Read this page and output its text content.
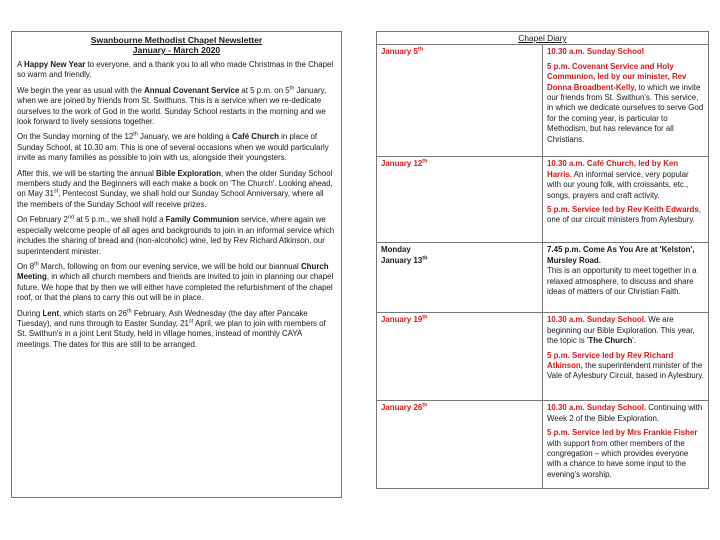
Swanbourne Methodist Chapel Newsletter
January - March 2020

A Happy New Year to everyone, and a thank you to all who made Christmas in the Chapel so warm and friendly.

We begin the year as usual with the Annual Covenant Service at 5 p.m. on 5th January, when we are joined by friends from St. Swithuns. This is a service when we re-dedicate ourselves to the work of God in the world. Sunday School restarts in the morning and we look forward to lively sessions together.

On the Sunday morning of the 12th January, we are holding a Café Church in place of Sunday School, at 10.30 am. This is one of several occasions when we would particularly invite as many families as possible to join with us, alongside their youngsters.

After this, we will be starting the annual Bible Exploration, when the older Sunday School members study and the Beginners will each make a book on 'The Church'. Looking ahead, on May 31st, Pentecost Sunday, we shall hold our Sunday School Anniversary, where all the members of the Sunday School will receive prizes.

On February 2nd at 5 p.m., we shall hold a Family Communion service, where again we especially welcome people of all ages and backgrounds to join in an informal service which includes the sharing of bread and (non-alcoholic) wine, led by Rev Richard Atkinson, our superintendent minister.

On 8th March, following on from our evening service, we will be hold our biannual Church Meeting, in which all church members and friends are invited to join in planning our chapel future. We hope that by then we will either have completed the refurbishment of the chapel roof, or that the plans to carry this out will be in place.

During Lent, which starts on 26th February, Ash Wednesday (the day after Pancake Tuesday), and runs through to Easter Sunday, 21st April, we plan to join with members of St. Swithun's in a joint Lent Study, held in village homes, instead of monthly CAYA meetings. The dates for this are still to be arranged.

Chapel Diary	
January 5th	10.30 a.m. Sunday School

5 p.m. Covenant Service and Holy Communion, led by our minister, Rev Donna Broadbent-Kelly, to which we invite our friends from St. Swithun's. This service, in which we dedicate ourselves to serve God for the coming year, is particular to Methodism, but has relevance for all Christians.

January 12th	10.30 a.m. Café Church, led by Ken Harris. An informal service, very popular with our young folk, with croissants, etc., songs, prayers and craft activity.

5 p.m. Service led by Rev Keith Edwards, one of our circuit ministers from Aylesbury.

Monday
January 13th	7.45 p.m. Come As You Are at 'Kelston', Mursley Road.
This is an opportunity to meet together in a relaxed atmosphere, to discuss and share ideas of matters of our Christian Faith.

January 19th	10.30 a.m. Sunday School. We are beginning our Bible Exploration. This year, the topic is 'The Church'.

5 p.m. Service led by Rev Richard Atkinson, the superintendent minister of the Vale of Aylesbury Circuit, based in Aylesbury.

January 26th	10.30 a.m. Sunday School. Continuing with Week 2 of the Bible Exploration.

5 p.m. Service led by Mrs Frankie Fisher with support from other members of the congregation – which provides everyone with a chance to have some input to the evening's worship.
